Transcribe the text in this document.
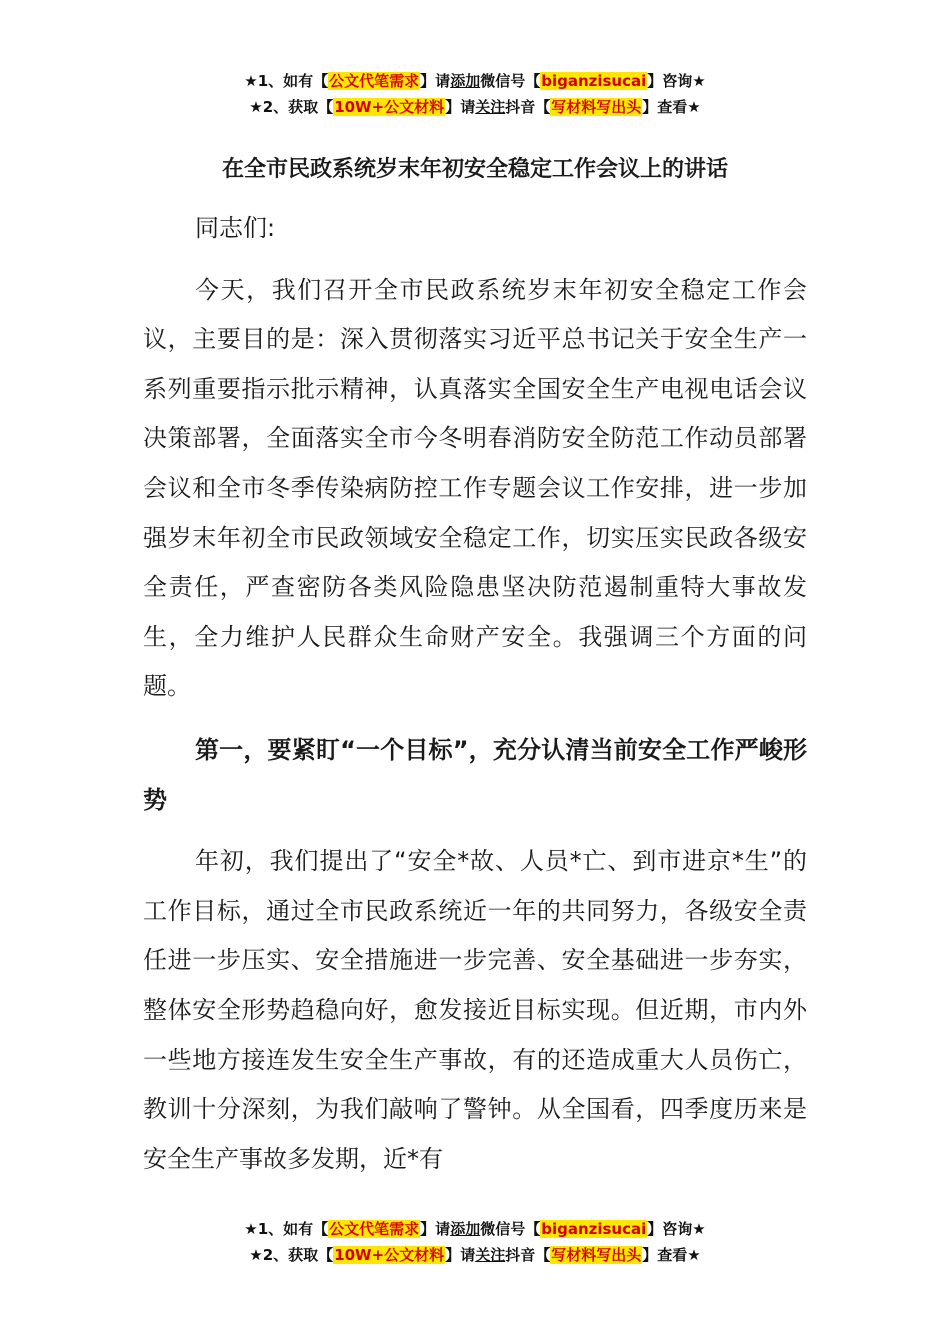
★1、如有【公文代笔需求】请添加微信号【biganzisucai】咨询★
★2、获取【10W+公文材料】请关注抖音【写材料写出头】查看★
在全市民政系统岁末年初安全稳定工作会议上的讲话

同志们:

今天，我们召开全市民政系统岁末年初安全稳定工作会议，主要目的是：深入贯彻落实习近平总书记关于安全生产一系列重要指示批示精神，认真落实全国安全生产电视电话会议决策部署，全面落实全市今冬明春消防安全防范工作动员部署会议和全市冬季传染病防控工作专题会议工作安排，进一步加强岁末年初全市民政领域安全稳定工作，切实压实民政各级安全责任，严查密防各类风险隐患坚决防范遏制重特大事故发生，全力维护人民群众生命财产安全。我强调三个方面的问题。

第一，要紧盯“一个目标”，充分认清当前安全工作严峻形势

年初，我们提出了“安全*故、人员*亡、到市进京*生”的工作目标，通过全市民政系统近一年的共同努力，各级安全责任进一步压实、安全措施进一步完善、安全基础进一步夯实，整体安全形势趋稳向好，愈发接近目标实现。但近期，市内外一些地方接连发生安全生产事故，有的还造成重大人员伤亡，教训十分深刻，为我们敲响了警钟。从全国看，四季度历来是安全生产事故多发期，近*有

★1、如有【公文代笔需求】请添加微信号【biganzisucai】咨询★
★2、获取【10W+公文材料】请关注抖音【写材料写出头】查看★
